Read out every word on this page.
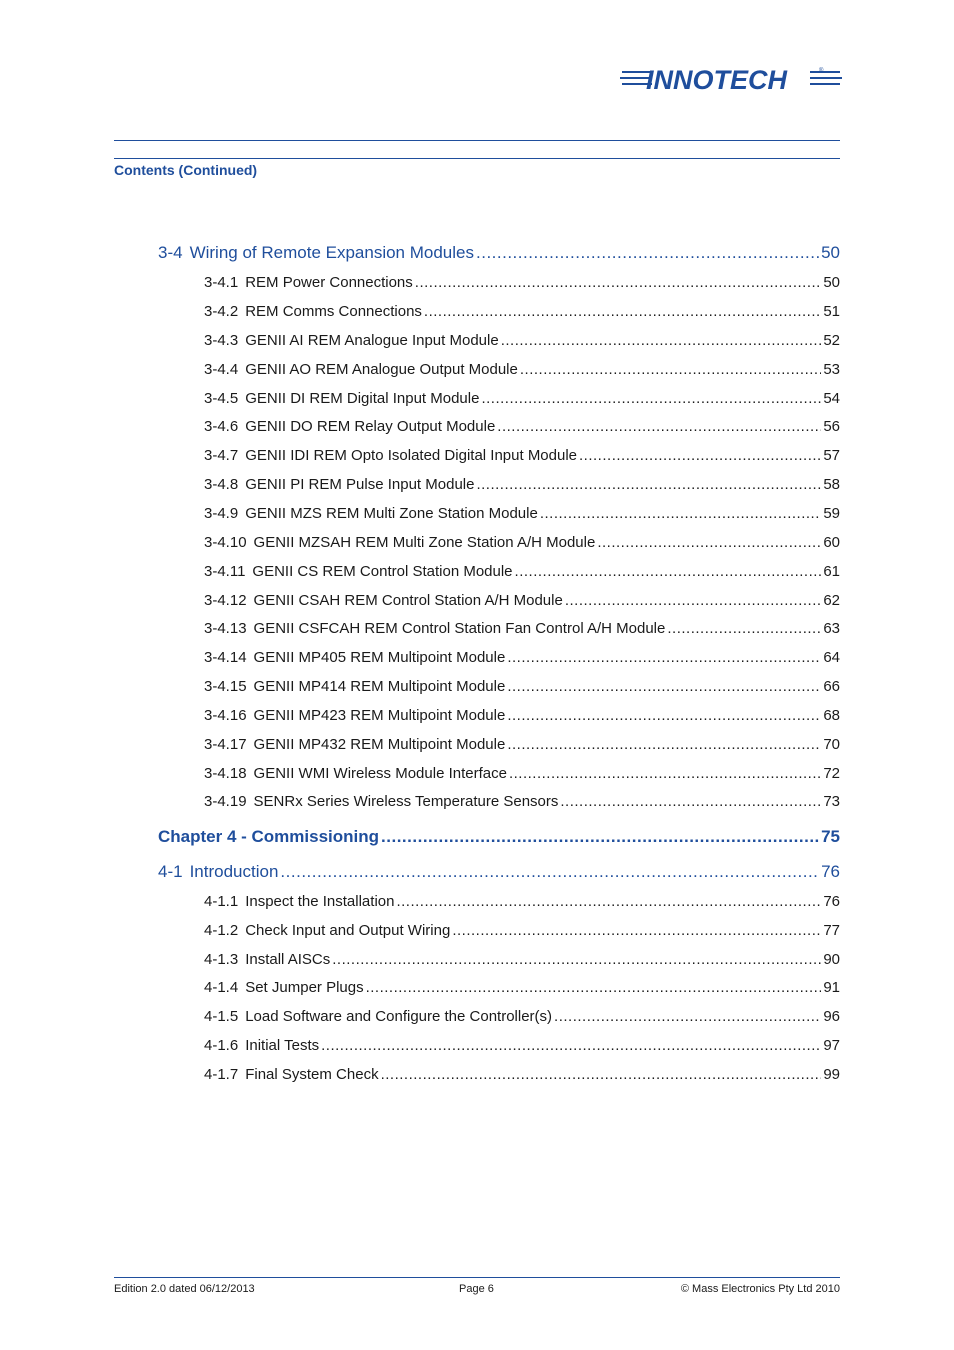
INNOTECH	®
Contents (Continued)
3-4 Wiring of Remote Expansion Modules .....	50
3-4.1 REM Power Connections .....	50
3-4.2 REM Comms Connections .....	51
3-4.3 GENII AI REM Analogue Input Module .....	52
3-4.4 GENII AO REM Analogue Output Module .....	53
3-4.5 GENII DI REM Digital Input Module .....	54
3-4.6 GENII DO REM Relay Output Module .....	56
3-4.7 GENII IDI REM Opto Isolated Digital Input Module .....	57
3-4.8 GENII PI REM Pulse Input Module .....	58
3-4.9 GENII MZS REM Multi Zone Station Module .....	59
3-4.10 GENII MZSAH REM Multi Zone Station A/H Module .....	60
3-4.11 GENII CS REM Control Station Module .....	61
3-4.12 GENII CSAH REM Control Station A/H Module .....	62
3-4.13 GENII CSFCAH REM Control Station Fan Control A/H Module .....	63
3-4.14 GENII MP405 REM Multipoint Module .....	64
3-4.15 GENII MP414 REM Multipoint Module .....	66
3-4.16 GENII MP423 REM Multipoint Module .....	68
3-4.17 GENII MP432 REM Multipoint Module .....	70
3-4.18 GENII WMI Wireless Module Interface .....	72
3-4.19 SENRx Series Wireless Temperature Sensors .....	73
Chapter 4 - Commissioning .....	75
4-1 Introduction .....	76
4-1.1 Inspect the Installation .....	76
4-1.2 Check Input and Output Wiring .....	77
4-1.3 Install AISCs .....	90
4-1.4 Set Jumper Plugs .....	91
4-1.5 Load Software and Configure the Controller(s) .....	96
4-1.6 Initial Tests .....	97
4-1.7 Final System Check .....	99
Edition 2.0 dated 06/12/2013	Page 6	© Mass Electronics Pty Ltd 2010
